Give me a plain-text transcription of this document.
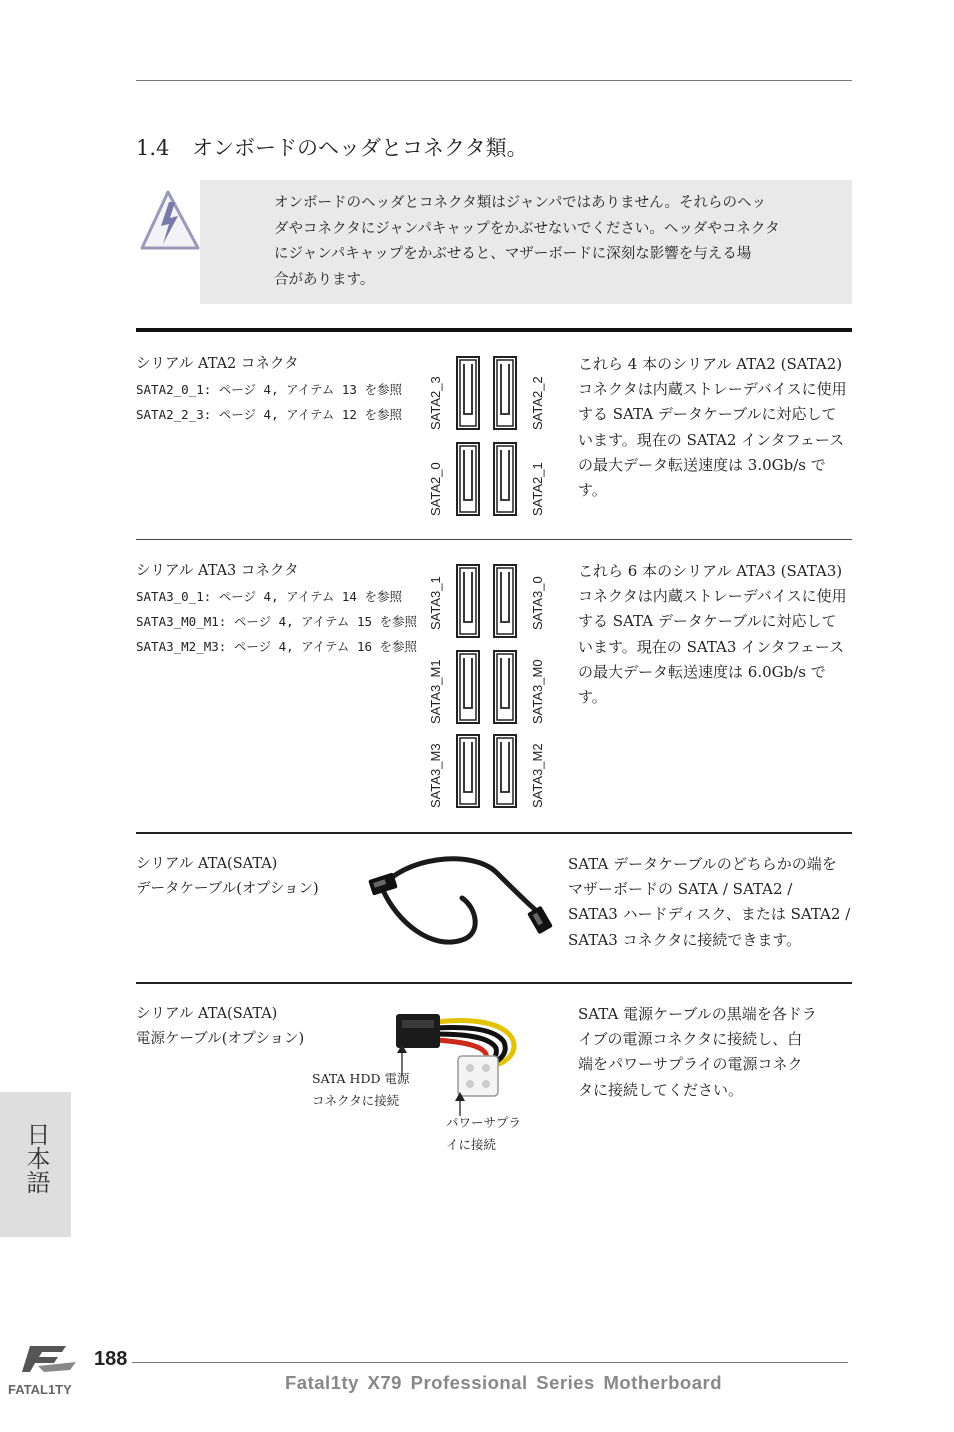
1.4 オンボードのヘッダとコネクタ類。
オンボードのヘッダとコネクタ類はジャンパではありません。それらのヘッ
ダやコネクタにジャンパキャップをかぶせないでください。ヘッダやコネクタ
にジャンパキャップをかぶせると、マザーボードに深刻な影響を与える場
合があります。
シリアル ATA2 コネクタ
SATA2_0_1: ページ 4, アイテム 13 を参照
SATA2_2_3: ページ 4, アイテム 12 を参照 SATA2_3
SATA2_0
SATA2_2
SATA2_1
これら 4 本のシリアル ATA2 (SATA2)
コネクタは内蔵ストレーデバイスに使用
する SATA データケーブルに対応して
います。現在の SATA2 インタフェース
の最大データ転送速度は 3.0Gb/s で
す。
シリアル ATA3 コネクタ
SATA3_0_1: ページ 4, アイテム 14 を参照
SATA3_M0_M1: ページ 4, アイテム 15 を参照
SATA3_M2_M3: ページ 4, アイテム 16 を参照
SATA3_1
SATA3_M1
SATA3_M3
SATA3_0
SATA3_M0
SATA3_M2
これら 6 本のシリアル ATA3 (SATA3)
コネクタは内蔵ストレーデバイスに使用
する SATA データケーブルに対応して
います。現在の SATA3 インタフェース
の最大データ転送速度は 6.0Gb/s で
す。
シリアル ATA(SATA)
データケーブル(オプション)
SATA データケーブルのどちらかの端を
マザーボードの SATA / SATA2 /
SATA3 ハードディスク、または SATA2 /
SATA3 コネクタに接続できます。
シリアル ATA(SATA)
電源ケーブル(オプション)
SATA HDD 電源
コネクタに接続
パワーサプラ
イに接続
SATA 電源ケーブルの黒端を各ドラ
イブの電源コネクタに接続し、白
端をパワーサプライの電源コネク
タに接続してください。
日本語
FATAL1TY
188
Fatal1ty X79 Professional Series Motherboard
